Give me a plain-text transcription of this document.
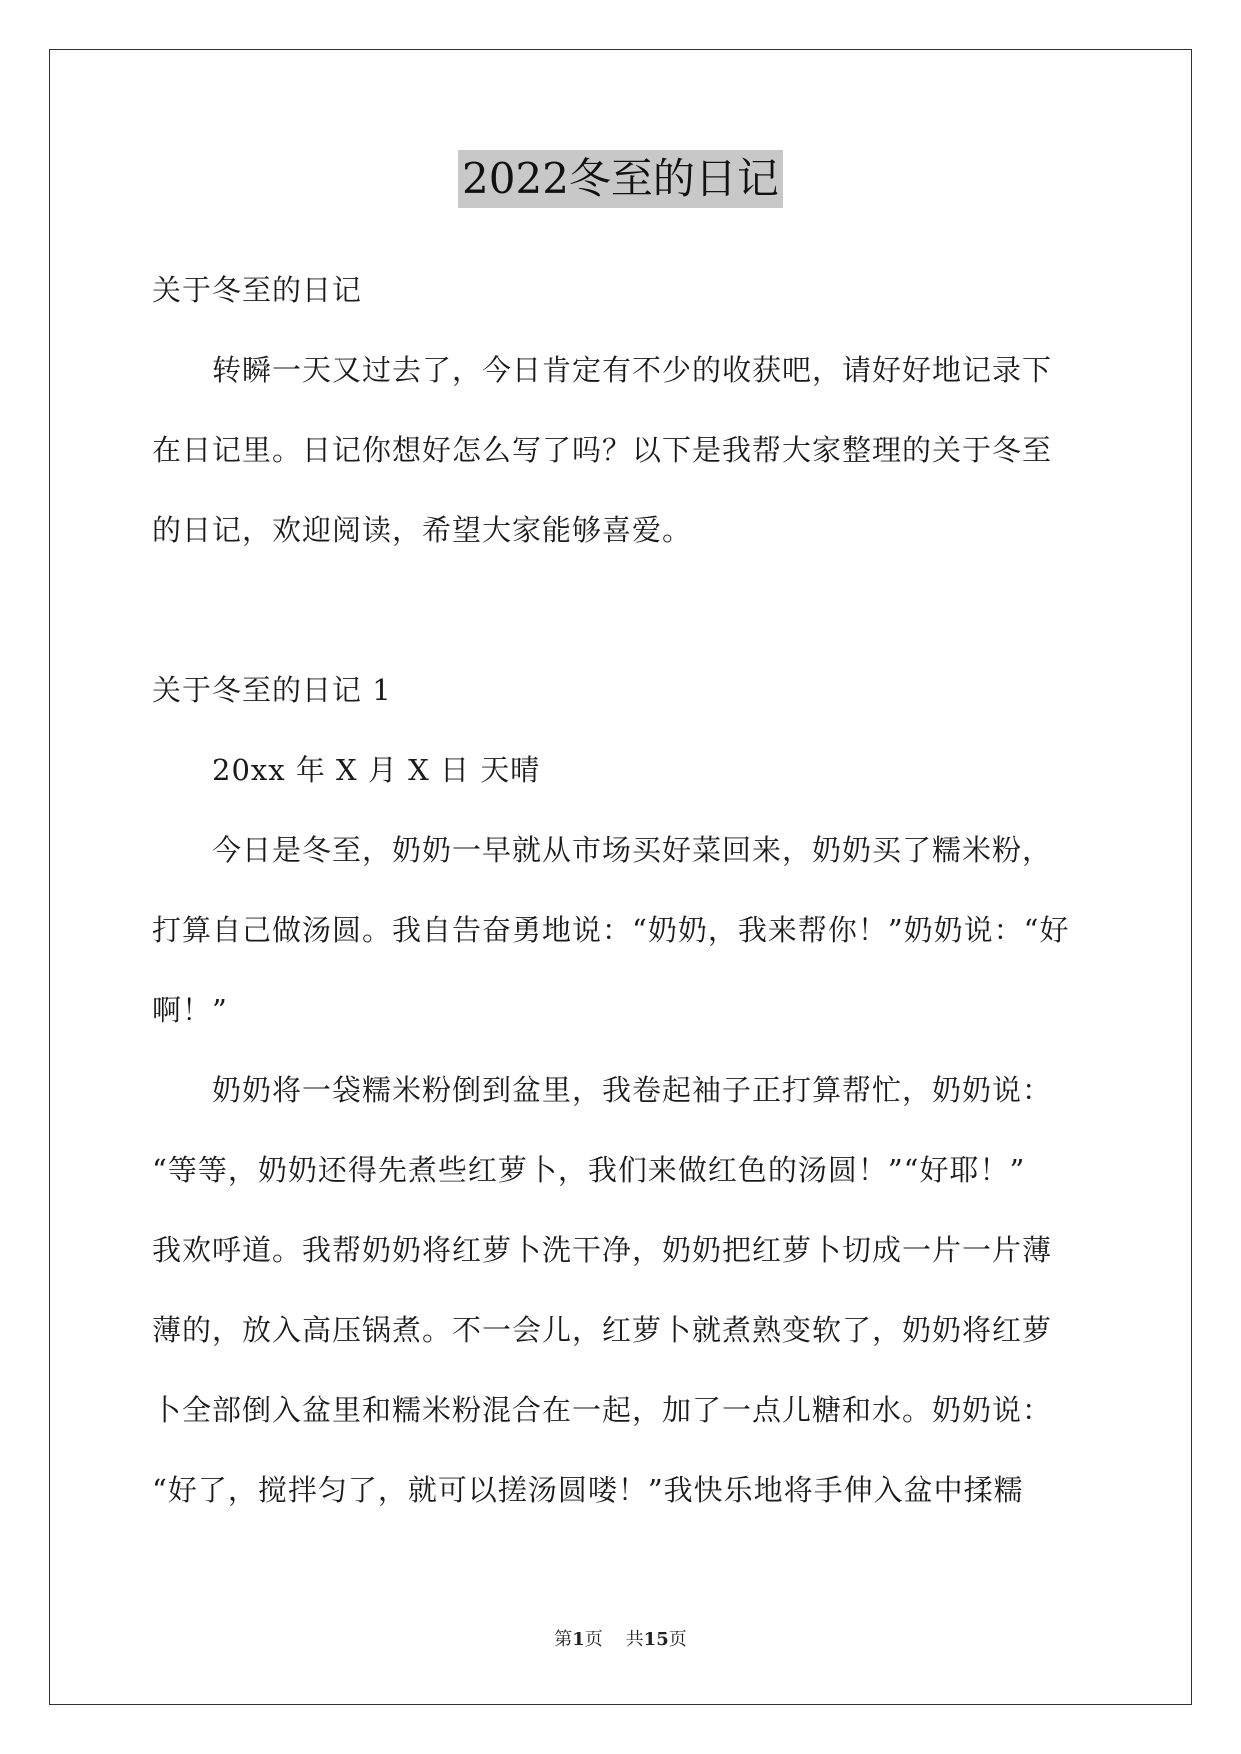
2022冬至的日记
关于冬至的日记
　　转瞬一天又过去了，今日肯定有不少的收获吧，请好好地记录下
在日记里。日记你想好怎么写了吗？以下是我帮大家整理的关于冬至
的日记，欢迎阅读，希望大家能够喜爱。
关于冬至的日记 1
　　20xx 年 X 月 X 日 天晴
　　今日是冬至，奶奶一早就从市场买好菜回来，奶奶买了糯米粉，
打算自己做汤圆。我自告奋勇地说：“奶奶，我来帮你！”奶奶说：“好
啊！”
　　奶奶将一袋糯米粉倒到盆里，我卷起袖子正打算帮忙，奶奶说：
“等等，奶奶还得先煮些红萝卜，我们来做红色的汤圆！”“好耶！”
我欢呼道。我帮奶奶将红萝卜洗干净，奶奶把红萝卜切成一片一片薄
薄的，放入高压锅煮。不一会儿，红萝卜就煮熟变软了，奶奶将红萝
卜全部倒入盆里和糯米粉混合在一起，加了一点儿糖和水。奶奶说：
“好了，搅拌匀了，就可以搓汤圆喽！”我快乐地将手伸入盆中揉糯
第1页 共15页
